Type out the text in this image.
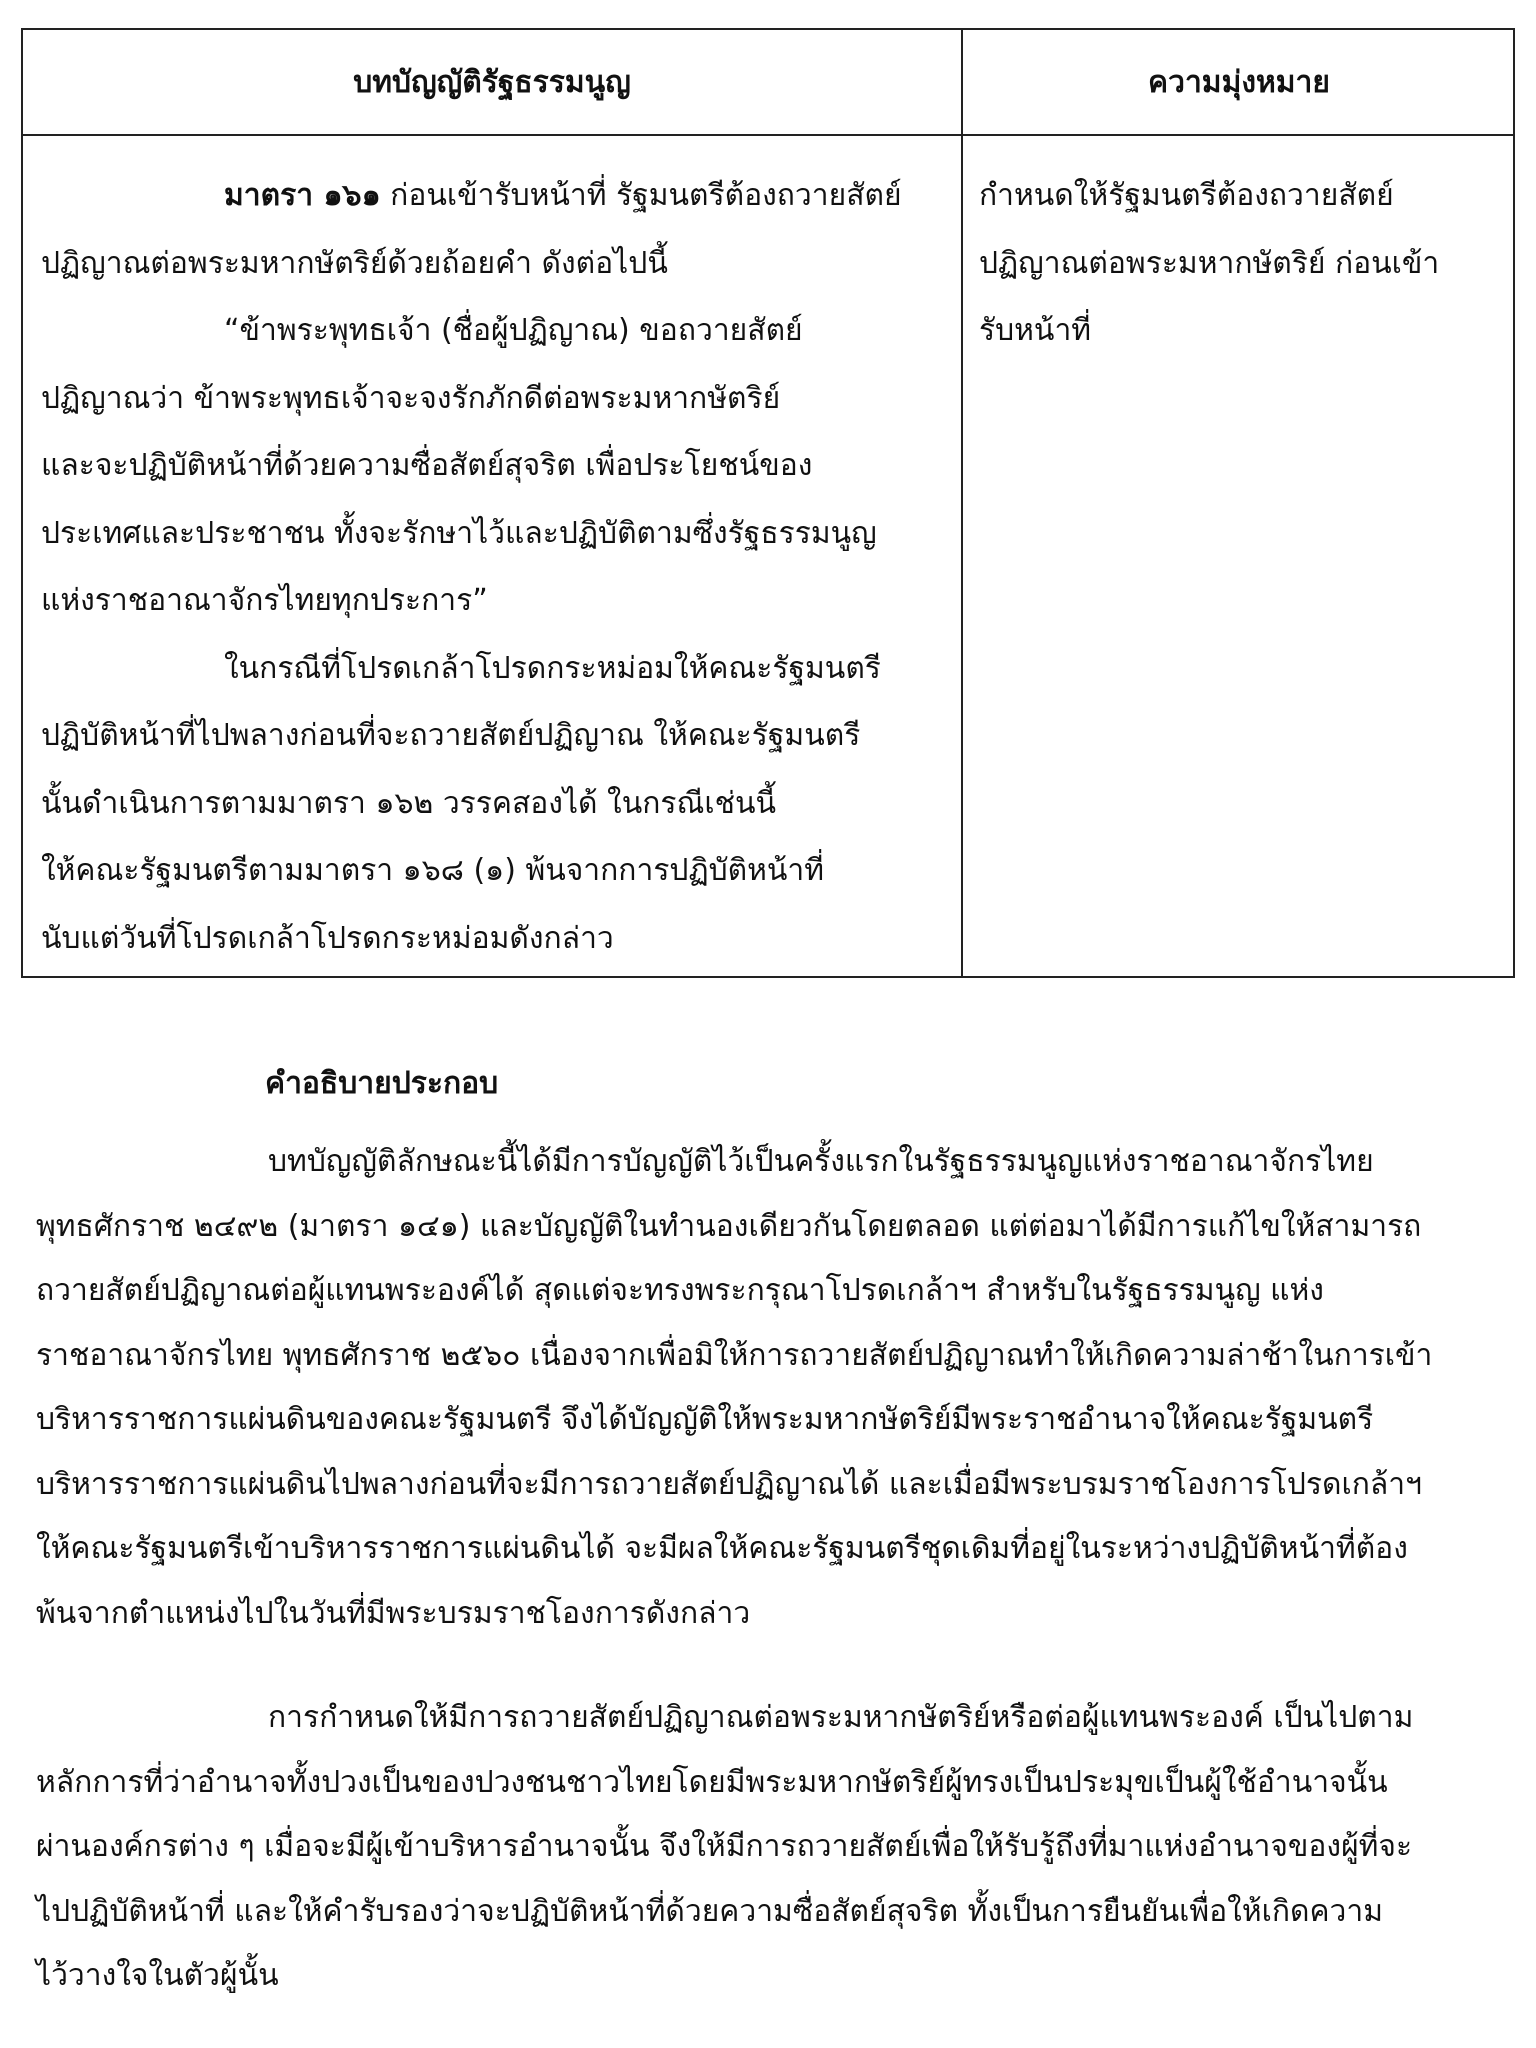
บทบัญญัติรัฐธรรมนูญ	ความมุ่งหมาย
มาตรา ๑๖๑ ก่อนเข้ารับหน้าที่ รัฐมนตรีต้องถวายสัตย์
ปฏิญาณต่อพระมหากษัตริย์ด้วยถ้อยคำ ดังต่อไปนี้
“ข้าพระพุทธเจ้า (ชื่อผู้ปฏิญาณ) ขอถวายสัตย์
ปฏิญาณว่า ข้าพระพุทธเจ้าจะจงรักภักดีต่อพระมหากษัตริย์
และจะปฏิบัติหน้าที่ด้วยความซื่อสัตย์สุจริต เพื่อประโยชน์ของ
ประเทศและประชาชน ทั้งจะรักษาไว้และปฏิบัติตามซึ่งรัฐธรรมนูญ
แห่งราชอาณาจักรไทยทุกประการ”
ในกรณีที่โปรดเกล้าโปรดกระหม่อมให้คณะรัฐมนตรี
ปฏิบัติหน้าที่ไปพลางก่อนที่จะถวายสัตย์ปฏิญาณ ให้คณะรัฐมนตรี
นั้นดำเนินการตามมาตรา ๑๖๒ วรรคสองได้ ในกรณีเช่นนี้
ให้คณะรัฐมนตรีตามมาตรา ๑๖๘ (๑) พ้นจากการปฏิบัติหน้าที่
นับแต่วันที่โปรดเกล้าโปรดกระหม่อมดังกล่าว
กำหนดให้รัฐมนตรีต้องถวายสัตย์
ปฏิญาณต่อพระมหากษัตริย์ ก่อนเข้า
รับหน้าที่
คำอธิบายประกอบ
บทบัญญัติลักษณะนี้ได้มีการบัญญัติไว้เป็นครั้งแรกในรัฐธรรมนูญแห่งราชอาณาจักรไทย
พุทธศักราช ๒๔๙๒ (มาตรา ๑๔๑) และบัญญัติในทำนองเดียวกันโดยตลอด แต่ต่อมาได้มีการแก้ไขให้สามารถ
ถวายสัตย์ปฏิญาณต่อผู้แทนพระองค์ได้ สุดแต่จะทรงพระกรุณาโปรดเกล้าฯ สำหรับในรัฐธรรมนูญ แห่ง
ราชอาณาจักรไทย พุทธศักราช ๒๕๖๐ เนื่องจากเพื่อมิให้การถวายสัตย์ปฏิญาณทำให้เกิดความล่าช้าในการเข้า
บริหารราชการแผ่นดินของคณะรัฐมนตรี จึงได้บัญญัติให้พระมหากษัตริย์มีพระราชอำนาจให้คณะรัฐมนตรี
บริหารราชการแผ่นดินไปพลางก่อนที่จะมีการถวายสัตย์ปฏิญาณได้ และเมื่อมีพระบรมราชโองการโปรดเกล้าฯ
ให้คณะรัฐมนตรีเข้าบริหารราชการแผ่นดินได้ จะมีผลให้คณะรัฐมนตรีชุดเดิมที่อยู่ในระหว่างปฏิบัติหน้าที่ต้อง
พ้นจากตำแหน่งไปในวันที่มีพระบรมราชโองการดังกล่าว
การกำหนดให้มีการถวายสัตย์ปฏิญาณต่อพระมหากษัตริย์หรือต่อผู้แทนพระองค์ เป็นไปตาม
หลักการที่ว่าอำนาจทั้งปวงเป็นของปวงชนชาวไทยโดยมีพระมหากษัตริย์ผู้ทรงเป็นประมุขเป็นผู้ใช้อำนาจนั้น
ผ่านองค์กรต่าง ๆ เมื่อจะมีผู้เข้าบริหารอำนาจนั้น จึงให้มีการถวายสัตย์เพื่อให้รับรู้ถึงที่มาแห่งอำนาจของผู้ที่จะ
ไปปฏิบัติหน้าที่ และให้คำรับรองว่าจะปฏิบัติหน้าที่ด้วยความซื่อสัตย์สุจริต ทั้งเป็นการยืนยันเพื่อให้เกิดความ
ไว้วางใจในตัวผู้นั้น
